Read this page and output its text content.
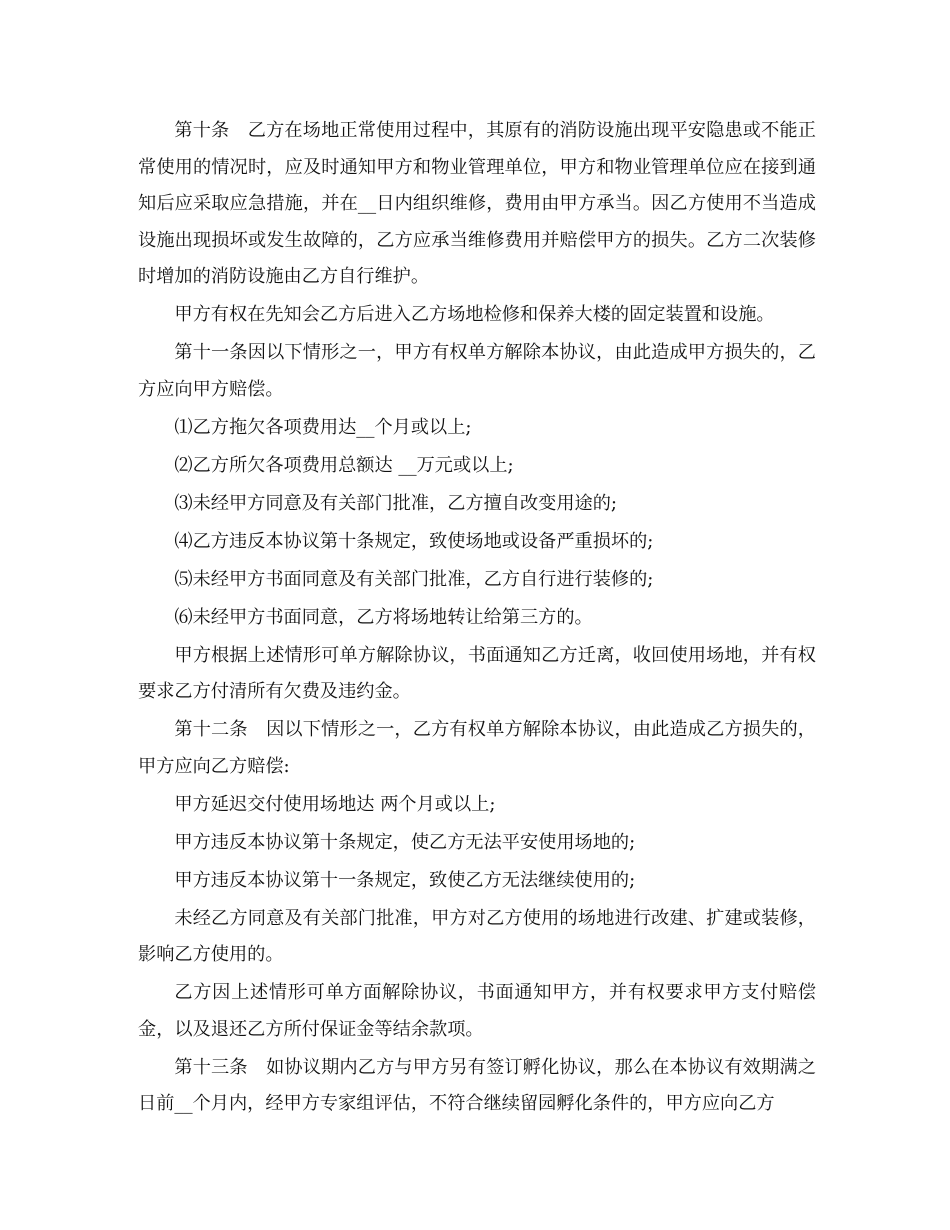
第十条　乙方在场地正常使用过程中，其原有的消防设施出现平安隐患或不能正常使用的情况时，应及时通知甲方和物业管理单位，甲方和物业管理单位应在接到通知后应采取应急措施，并在__日内组织维修，费用由甲方承当。因乙方使用不当造成设施出现损坏或发生故障的，乙方应承当维修费用并赔偿甲方的损失。乙方二次装修时增加的消防设施由乙方自行维护。

甲方有权在先知会乙方后进入乙方场地检修和保养大楼的固定装置和设施。

第十一条因以下情形之一，甲方有权单方解除本协议，由此造成甲方损失的，乙方应向甲方赔偿。

⑴乙方拖欠各项费用达__个月或以上;

⑵乙方所欠各项费用总额达 __万元或以上;

⑶未经甲方同意及有关部门批准，乙方擅自改变用途的;

⑷乙方违反本协议第十条规定，致使场地或设备严重损坏的;

⑸未经甲方书面同意及有关部门批准，乙方自行进行装修的;

⑹未经甲方书面同意，乙方将场地转让给第三方的。

甲方根据上述情形可单方解除协议，书面通知乙方迁离，收回使用场地，并有权要求乙方付清所有欠费及违约金。

第十二条　因以下情形之一，乙方有权单方解除本协议，由此造成乙方损失的，甲方应向乙方赔偿:

甲方延迟交付使用场地达 两个月或以上;

甲方违反本协议第十条规定，使乙方无法平安使用场地的;

甲方违反本协议第十一条规定，致使乙方无法继续使用的;

未经乙方同意及有关部门批准，甲方对乙方使用的场地进行改建、扩建或装修，影响乙方使用的。

乙方因上述情形可单方面解除协议，书面通知甲方，并有权要求甲方支付赔偿金，以及退还乙方所付保证金等结余款项。

第十三条　如协议期内乙方与甲方另有签订孵化协议，那么在本协议有效期满之日前__个月内，经甲方专家组评估，不符合继续留园孵化条件的，甲方应向乙方
